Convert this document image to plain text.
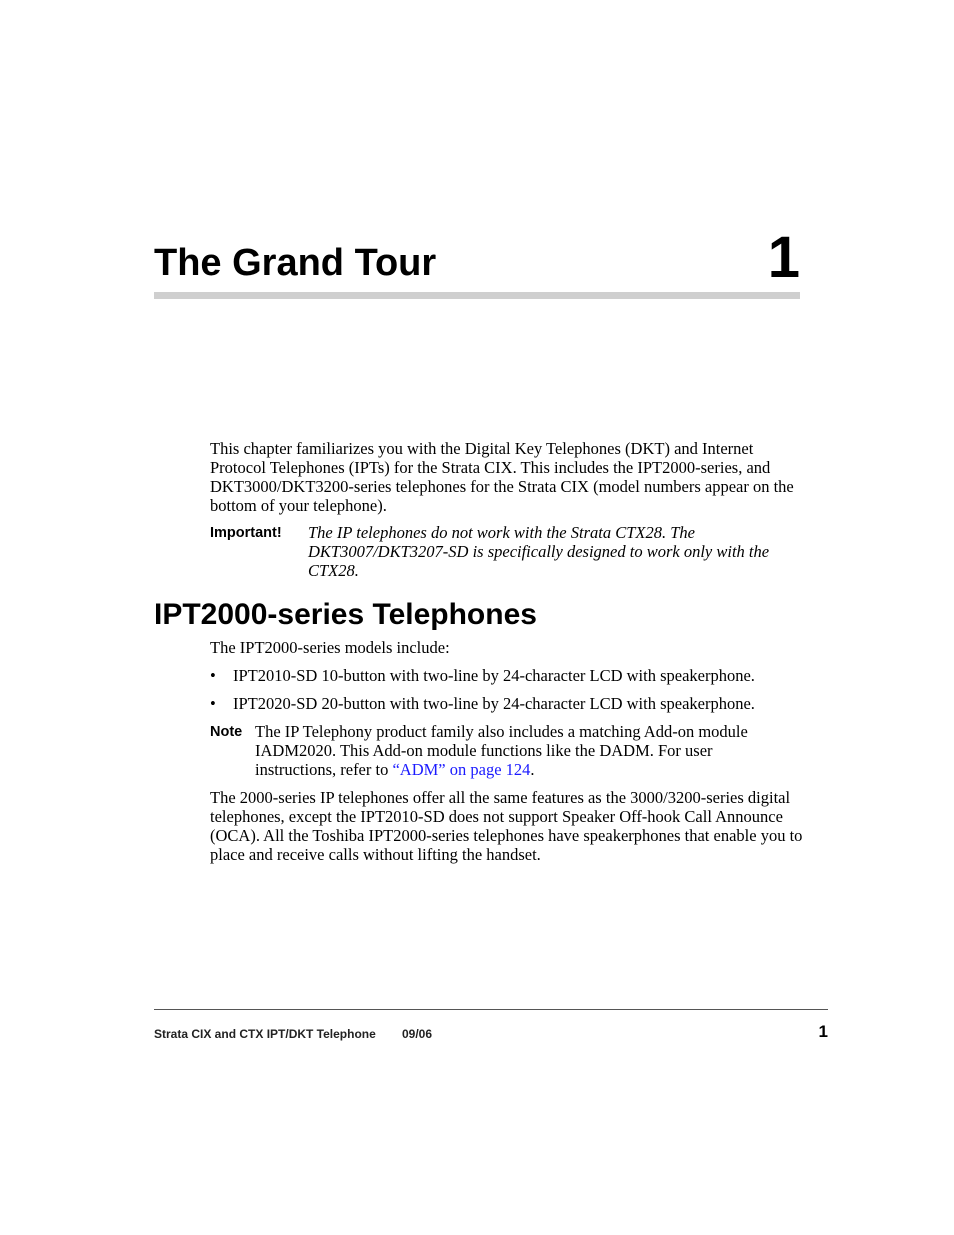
The Grand Tour	1

This chapter familiarizes you with the Digital Key Telephones (DKT) and Internet Protocol Telephones (IPTs) for the Strata CIX. This includes the IPT2000-series, and DKT3000/DKT3200-series telephones for the Strata CIX (model numbers appear on the bottom of your telephone).

Important! The IP telephones do not work with the Strata CTX28. The DKT3007/DKT3207-SD is specifically designed to work only with the CTX28.

IPT2000-series Telephones

The IPT2000-series models include:

• IPT2010-SD 10-button with two-line by 24-character LCD with speakerphone.
• IPT2020-SD 20-button with two-line by 24-character LCD with speakerphone.
Note The IP Telephony product family also includes a matching Add-on module IADM2020. This Add-on module functions like the DADM. For user instructions, refer to “ADM” on page 124.

The 2000-series IP telephones offer all the same features as the 3000/3200-series digital telephones, except the IPT2010-SD does not support Speaker Off-hook Call Announce (OCA). All the Toshiba IPT2000-series telephones have speakerphones that enable you to place and receive calls without lifting the handset.

Strata CIX and CTX IPT/DKT Telephone 09/06	1
